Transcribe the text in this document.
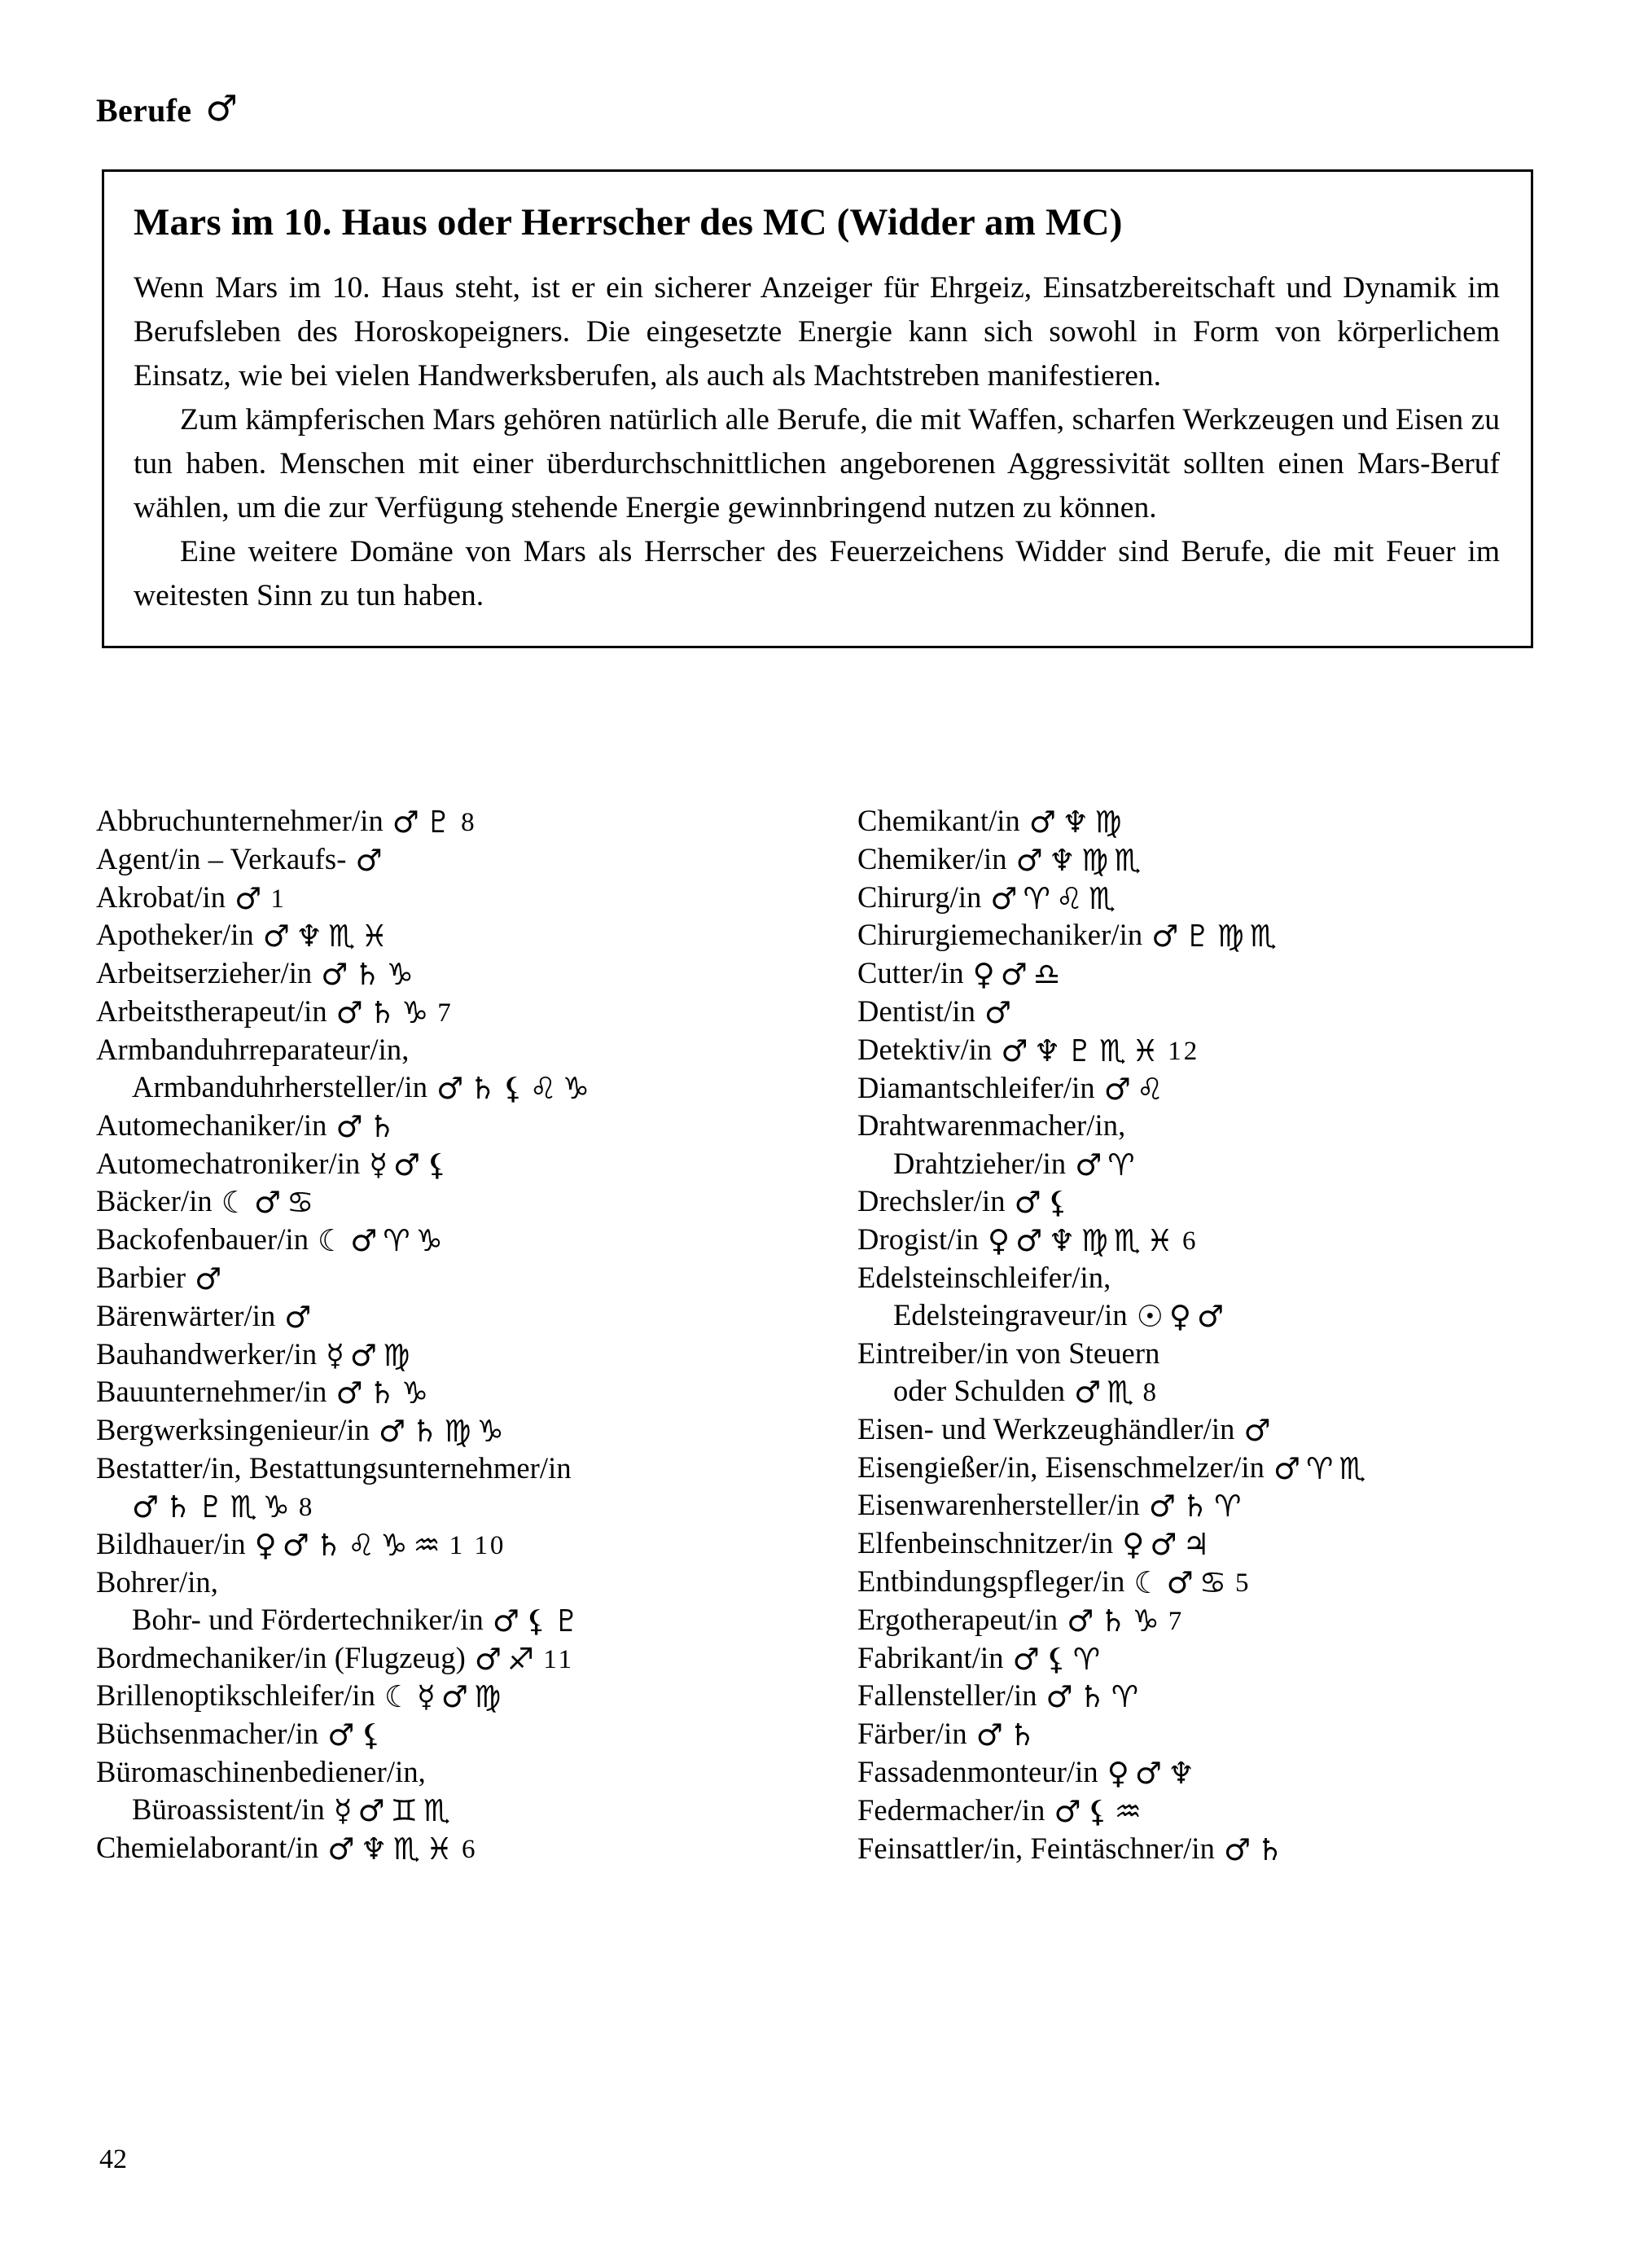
Berufe ♂
Mars im 10. Haus oder Herrscher des MC (Widder am MC)

Wenn Mars im 10. Haus steht, ist er ein sicherer Anzeiger für Ehrgeiz, Einsatzbereitschaft und Dynamik im Berufsleben des Horoskopeigners. Die eingesetzte Energie kann sich sowohl in Form von körperlichem Einsatz, wie bei vielen Handwerksberufen, als auch als Machtstreben manifestieren.

Zum kämpferischen Mars gehören natürlich alle Berufe, die mit Waffen, scharfen Werkzeugen und Eisen zu tun haben. Menschen mit einer überdurchschnittlichen angeborenen Aggressivität sollten einen Mars-Beruf wählen, um die zur Verfügung stehende Energie gewinnbringend nutzen zu können.

Eine weitere Domäne von Mars als Herrscher des Feuerzeichens Widder sind Berufe, die mit Feuer im weitesten Sinn zu tun haben.

Abbruchunternehmer/in ♂♇ 8
Agent/in – Verkaufs- ♂
Akrobat/in ♂ 1
Apotheker/in ♂♆♏♓
Arbeitserzieher/in ♂♄♑
Arbeitstherapeut/in ♂♄♑ 7
Armbanduhrreparateur/in,
Armbanduhrhersteller/in ♂♄⚸♌♑
Automechaniker/in ♂♄
Automechatroniker/in ☿♂⚸
Bäcker/in ☾♂♋
Backofenbauer/in ☾♂♈♑
Barbier ♂
Bärenwärter/in ♂
Bauhandwerker/in ☿♂♍
Bauunternehmer/in ♂♄♑
Bergwerksingenieur/in ♂♄♍♑
Bestatter/in, Bestattungsunternehmer/in
♂♄♇♏♑ 8
Bildhauer/in ♀♂♄♌♑♒ 1 10
Bohrer/in,
Bohr- und Fördertechniker/in ♂⚸♇
Bordmechaniker/in (Flugzeug) ♂♐ 11
Brillenoptikschleifer/in ☾☿♂♍
Büchsenmacher/in ♂⚸
Büromaschinenbediener/in,
Büroassistent/in ☿♂♊♏
Chemielaborant/in ♂♆♏♓ 6
Chemikant/in ♂♆♍
Chemiker/in ♂♆♍♏
Chirurg/in ♂♈♌♏
Chirurgiemechaniker/in ♂♇♍♏
Cutter/in ♀♂♎
Dentist/in ♂
Detektiv/in ♂♆♇♏♓ 12
Diamantschleifer/in ♂♌
Drahtwarenmacher/in,
Drahtzieher/in ♂♈
Drechsler/in ♂⚸
Drogist/in ♀♂♆♍♏♓ 6
Edelsteinschleifer/in,
Edelsteingraveur/in ☉♀♂
Eintreiber/in von Steuern
oder Schulden ♂♏ 8
Eisen- und Werkzeughändler/in ♂
Eisengießer/in, Eisenschmelzer/in ♂♈♏
Eisenwarenhersteller/in ♂♄♈
Elfenbeinschnitzer/in ♀♂♃
Entbindungspfleger/in ☾♂♋ 5
Ergotherapeut/in ♂♄♑ 7
Fabrikant/in ♂⚸♈
Fallensteller/in ♂♄♈
Färber/in ♂♄
Fassadenmonteur/in ♀♂♆
Federmacher/in ♂⚸♒
Feinsattler/in, Feintäschner/in ♂♄
42
